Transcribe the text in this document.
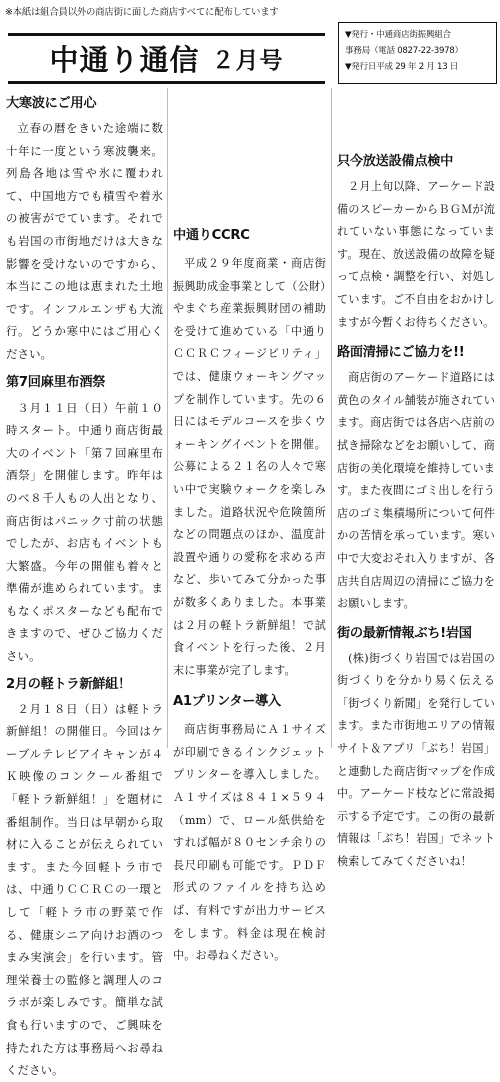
※本紙は組合員以外の商店街に面した商店すべてに配布しています
中通り通信 ２月号
▼発行・中通商店街振興組合
事務局（電話 0827-22-3978）
▼発行日平成 29 年 2 月 13 日
大寒波にご用心

立春の暦をきいた途端に数十年に一度という寒波襲来。列島各地は雪や氷に覆われて、中国地方でも積雪や着氷の被害がでています。それでも岩国の市街地だけは大きな影響を受けないのですから、本当にこの地は恵まれた土地です。インフルエンザも大流行。どうか寒中にはご用心ください。

第7回麻里布酒祭

３月１１日（日）午前１０時スタート。中通り商店街最大のイベント「第７回麻里布酒祭」を開催します。昨年はのべ８千人もの人出となり、商店街はパニック寸前の状態でしたが、お店もイベントも大繁盛。今年の開催も着々と準備が進められています。まもなくポスターなども配布できますので、ぜひご協力ください。

2月の軽トラ新鮮組！

２月１８日（日）は軽トラ新鮮組！の開催日。今回はケーブルテレビアイキャンが４Ｋ映像のコンクール番組で「軽トラ新鮮組！」を題材に番組制作。当日は早朝から取材に入ることが伝えられています。また今回軽トラ市では、中通りＣＣＲＣの一環として「軽トラ市の野菜で作る、健康シニア向けお酒のつまみ実演会」を行います。管理栄養士の監修と調理人のコラボが楽しみです。簡単な試食も行いますので、ご興味を持たれた方は事務局へお尋ねください。

中通りCCRC

平成２９年度商業・商店街振興助成金事業として（公財）やまぐち産業振興財団の補助を受けて進めている「中通りＣＣＲＣフィージビリティ」では、健康ウォーキングマップを制作しています。先の６日にはモデルコースを歩くウォーキングイベントを開催。公募による２１名の人々で寒い中で実験ウォークを楽しみました。道路状況や危険箇所などの問題点のほか、温度計設置や通りの愛称を求める声など、歩いてみて分かった事が数多くありました。本事業は２月の軽トラ新鮮組！で試食イベントを行った後、２月末に事業が完了します。

A1プリンター導入

商店街事務局にＡ１サイズが印刷できるインクジェットプリンターを導入しました。Ａ１サイズは８４１×５９４（mm）で、ロール紙供給をすれば幅が８０センチ余りの長尺印刷も可能です。ＰＤＦ形式のファイルを持ち込めば、有料ですが出力サービスをします。料金は現在検討中。お尋ねください。

只今放送設備点検中

２月上旬以降、アーケード設備のスピーカーからＢＧＭが流れていない事態になっています。現在、放送設備の故障を疑って点検・調整を行い、対処しています。ご不自由をおかけしますが今暫くお待ちください。

路面清掃にご協力を!!

商店街のアーケード道路には黄色のタイル舗装が施されています。商店街では各店へ店前の拭き掃除などをお願いして、商店街の美化環境を維持しています。また夜間にゴミ出しを行う店のゴミ集積場所について何件かの苦情を承っています。寒い中で大変おそれ入りますが、各店共自店周辺の清掃にご協力をお願いします。

街の最新情報ぶち!岩国

(株)街づくり岩国では岩国の街づくりを分かり易く伝える「街づくり新聞」を発行しています。また市街地エリアの情報サイト＆アプリ「ぶち！岩国」と連動した商店街マップを作成中。アーケード枝などに常設掲示する予定です。この街の最新情報は「ぶち！岩国」でネット検索してみてくださいね！
